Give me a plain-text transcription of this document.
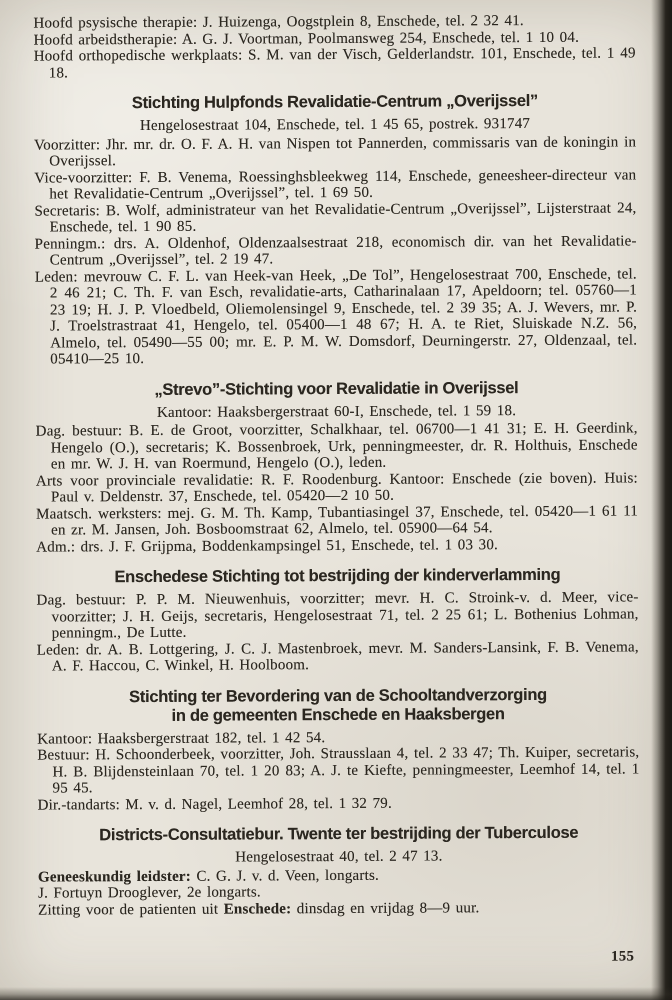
Hoofd psysische therapie: J. Huizenga, Oogstplein 8, Enschede, tel. 2 32 41.

Hoofd arbeidstherapie: A. G. J. Voortman, Poolmansweg 254, Enschede, tel. 1 10 04.

Hoofd orthopedische werkplaats: S. M. van der Visch, Gelderlandstr. 101, Enschede, tel. 1 49 18.

Stichting Hulpfonds Revalidatie-Centrum „Overijssel”

Hengelosestraat 104, Enschede, tel. 1 45 65, postrek. 931747

Voorzitter: Jhr. mr. dr. O. F. A. H. van Nispen tot Pannerden, commissaris van de koningin in Overijssel.

Vice-voorzitter: F. B. Venema, Roessinghsbleekweg 114, Enschede, geneesheer-directeur van het Revalidatie-Centrum „Overijssel”, tel. 1 69 50.

Secretaris: B. Wolf, administrateur van het Revalidatie-Centrum „Overijssel”, Lijsterstraat 24, Enschede, tel. 1 90 85.

Penningm.: drs. A. Oldenhof, Oldenzaalsestraat 218, economisch dir. van het Revalidatie-Centrum „Overijssel”, tel. 2 19 47.

Leden: mevrouw C. F. L. van Heek-van Heek, „De Tol”, Hengelosestraat 700, Enschede, tel. 2 46 21; C. Th. F. van Esch, revalidatie-arts, Catharinalaan 17, Apeldoorn; tel. 05760—1 23 19; H. J. P. Vloedbeld, Oliemolensingel 9, Enschede, tel. 2 39 35; A. J. Wevers, mr. P. J. Troelstrastraat 41, Hengelo, tel. 05400—1 48 67; H. A. te Riet, Sluiskade N.Z. 56, Almelo, tel. 05490—55 00; mr. E. P. M. W. Domsdorf, Deurningerstr. 27, Oldenzaal, tel. 05410—25 10.

„Strevo”-Stichting voor Revalidatie in Overijssel

Kantoor: Haaksbergerstraat 60-I, Enschede, tel. 1 59 18.

Dag. bestuur: B. E. de Groot, voorzitter, Schalkhaar, tel. 06700—1 41 31; E. H. Geerdink, Hengelo (O.), secretaris; K. Bossenbroek, Urk, penningmeester, dr. R. Holthuis, Enschede en mr. W. J. H. van Roermund, Hengelo (O.), leden.

Arts voor provinciale revalidatie: R. F. Roodenburg. Kantoor: Enschede (zie boven). Huis: Paul v. Deldenstr. 37, Enschede, tel. 05420—2 10 50.

Maatsch. werksters: mej. G. M. Th. Kamp, Tubantiasingel 37, Enschede, tel. 05420—1 61 11 en zr. M. Jansen, Joh. Bosboomstraat 62, Almelo, tel. 05900—64 54.

Adm.: drs. J. F. Grijpma, Boddenkampsingel 51, Enschede, tel. 1 03 30.

Enschedese Stichting tot bestrijding der kinderverlamming

Dag. bestuur: P. P. M. Nieuwenhuis, voorzitter; mevr. H. C. Stroink-v. d. Meer, vice-voorzitter; J. H. Geijs, secretaris, Hengelosestraat 71, tel. 2 25 61; L. Bothenius Lohman, penningm., De Lutte.

Leden: dr. A. B. Lottgering, J. C. J. Mastenbroek, mevr. M. Sanders-Lansink, F. B. Venema, A. F. Haccou, C. Winkel, H. Hoolboom.

Stichting ter Bevordering van de Schooltandverzorging
in de gemeenten Enschede en Haaksbergen

Kantoor: Haaksbergerstraat 182, tel. 1 42 54.

Bestuur: H. Schoonderbeek, voorzitter, Joh. Strausslaan 4, tel. 2 33 47; Th. Kuiper, secretaris, H. B. Blijdensteinlaan 70, tel. 1 20 83; A. J. te Kiefte, penningmeester, Leemhof 14, tel. 1 95 45.

Dir.-tandarts: M. v. d. Nagel, Leemhof 28, tel. 1 32 79.

Districts-Consultatiebur. Twente ter bestrijding der Tuberculose

Hengelosestraat 40, tel. 2 47 13.

Geneeskundig leidster: C. G. J. v. d. Veen, longarts.

J. Fortuyn Drooglever, 2e longarts.

Zitting voor de patienten uit Enschede: dinsdag en vrijdag 8—9 uur.

155
